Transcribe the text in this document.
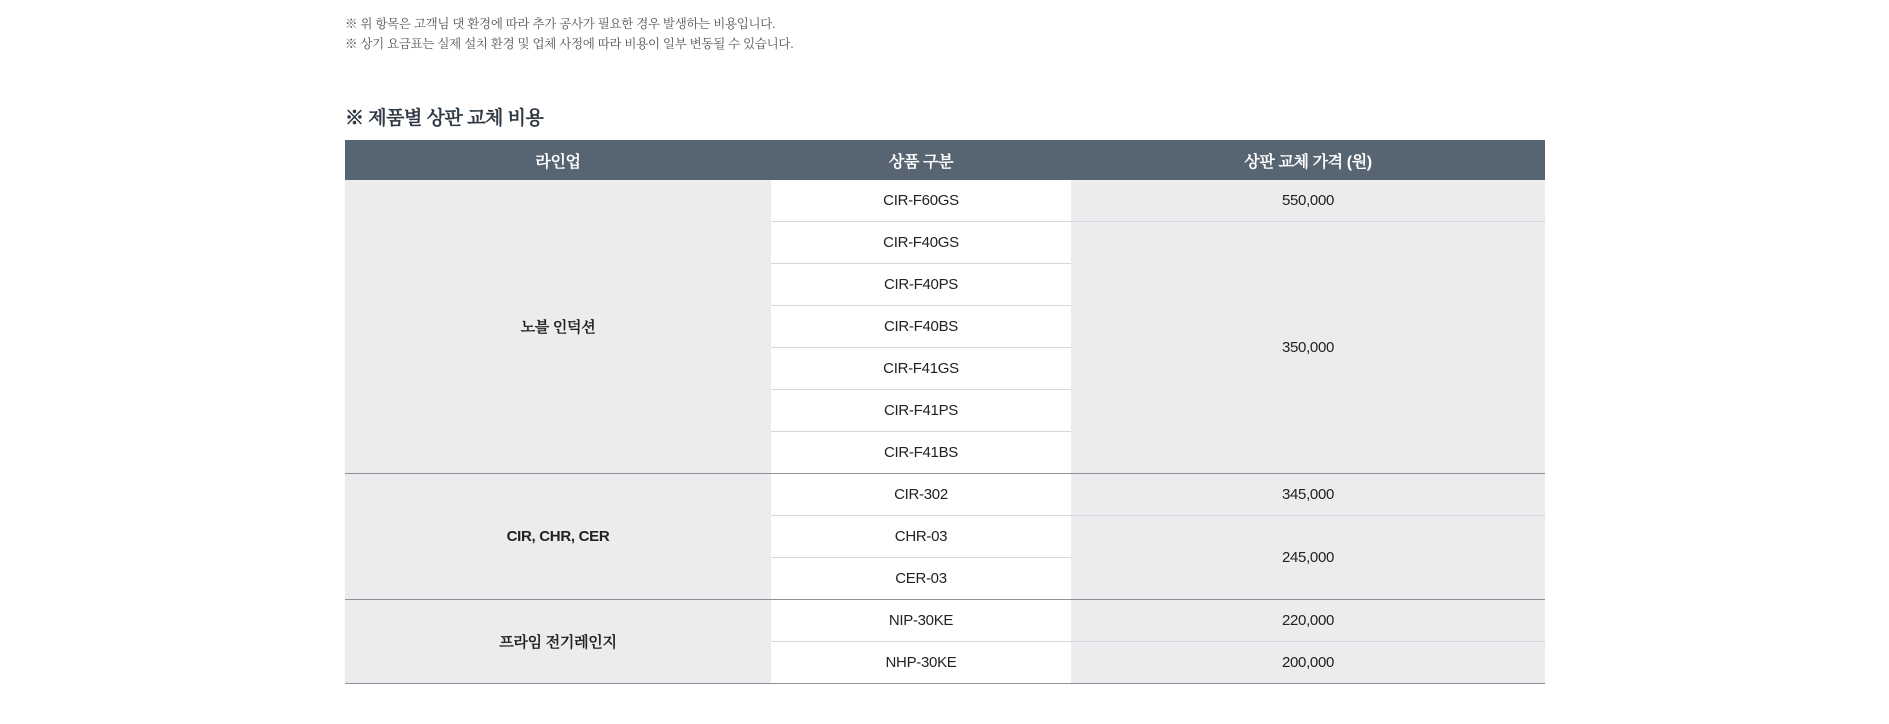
※ 위 항목은 고객님 댓 환경에 따라 추가 공사가 필요한 경우 발생하는 비용입니다.
※ 상기 요금표는 실제 설치 환경 및 업체 사정에 따라 비용이 일부 변동될 수 있습니다.
※ 제품별 상판 교체 비용
라인업	상품 구분	상판 교체 가격 (원)
노블 인덕션	CIR-F60GS	550,000
	CIR-F40GS	350,000
	CIR-F40PS	
	CIR-F40BS	
	CIR-F41GS	
	CIR-F41PS	
	CIR-F41BS	
CIR, CHR, CER	CIR-302	345,000
	CHR-03	245,000
	CER-03	
프라임 전기레인지	NIP-30KE	220,000
	NHP-30KE	200,000
